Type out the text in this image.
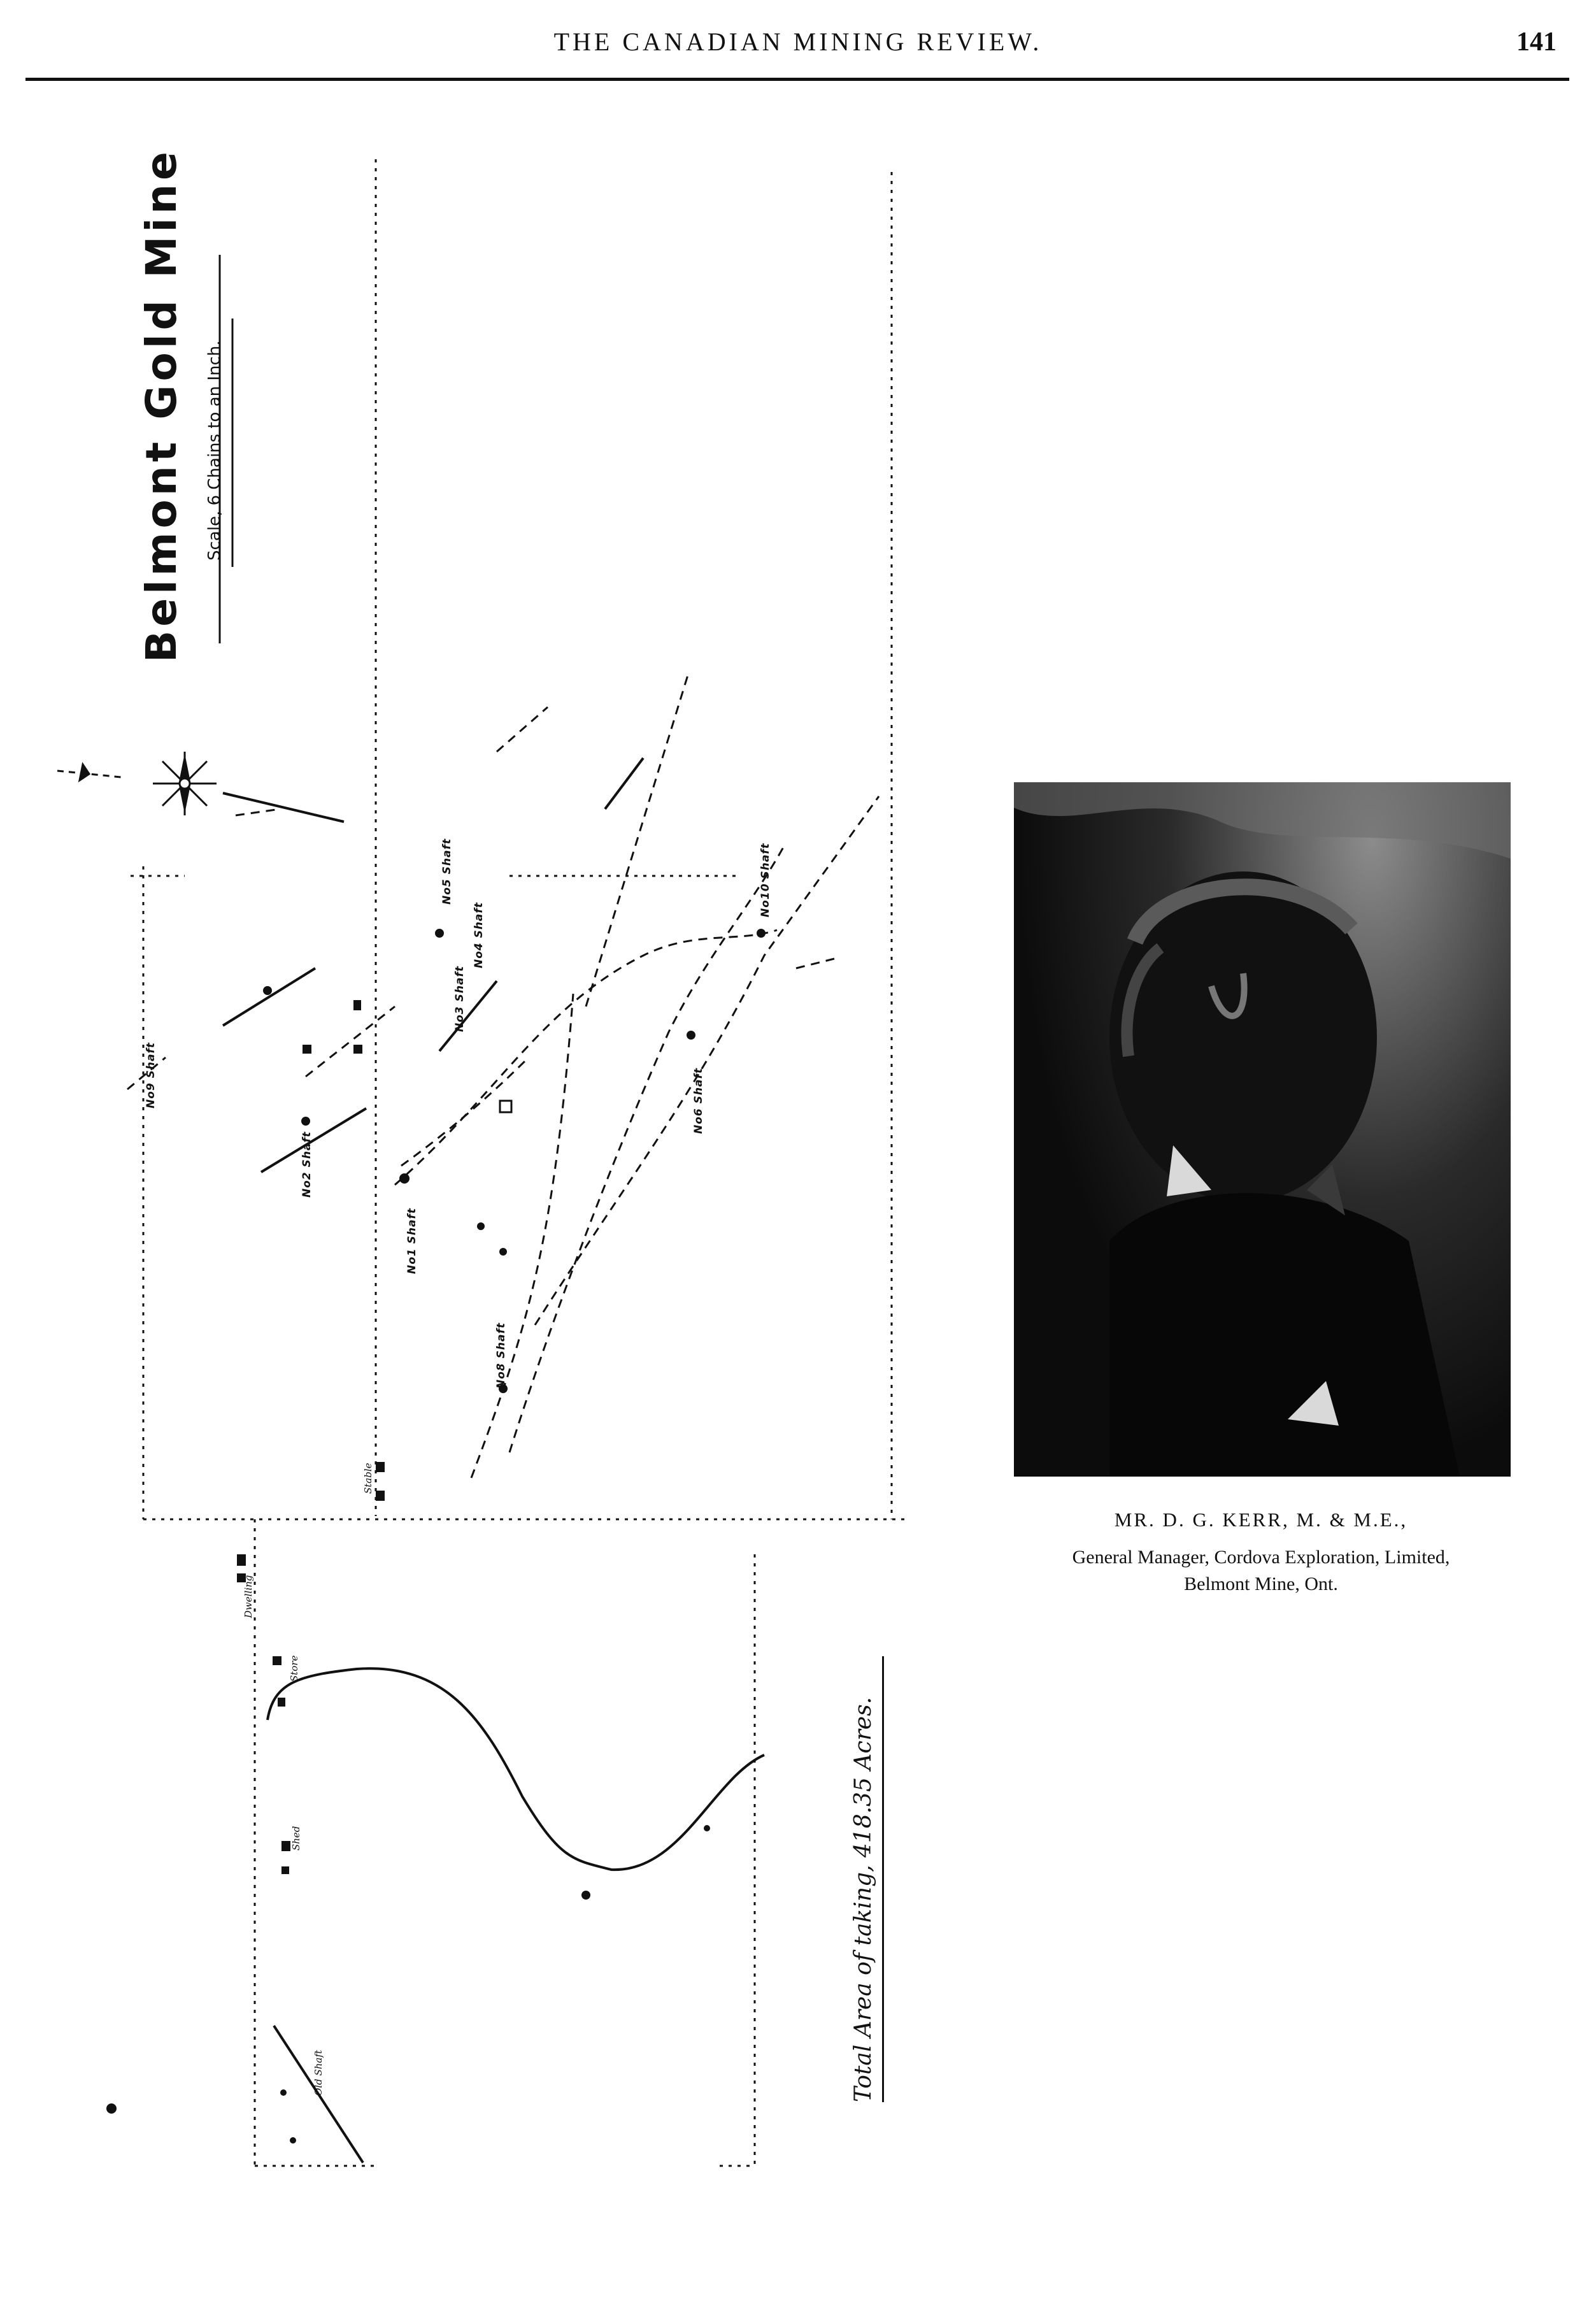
THE CANADIAN MINING REVIEW.	141
Belmont Gold Mine	Scale, 6 Chains to an Inch.
No1 Shaft
No2 Shaft
No3 Shaft
No4 Shaft
No5 Shaft
No6 Shaft
No8 Shaft
No9 Shaft
No10 Shaft
Old Shaft
Stable
Dwelling
Store
Shed	Total Area of taking, 418.35 Acres.
MR. D. G. KERR, M. & M.E.,
General Manager, Cordova Exploration, Limited,
Belmont Mine, Ont.
